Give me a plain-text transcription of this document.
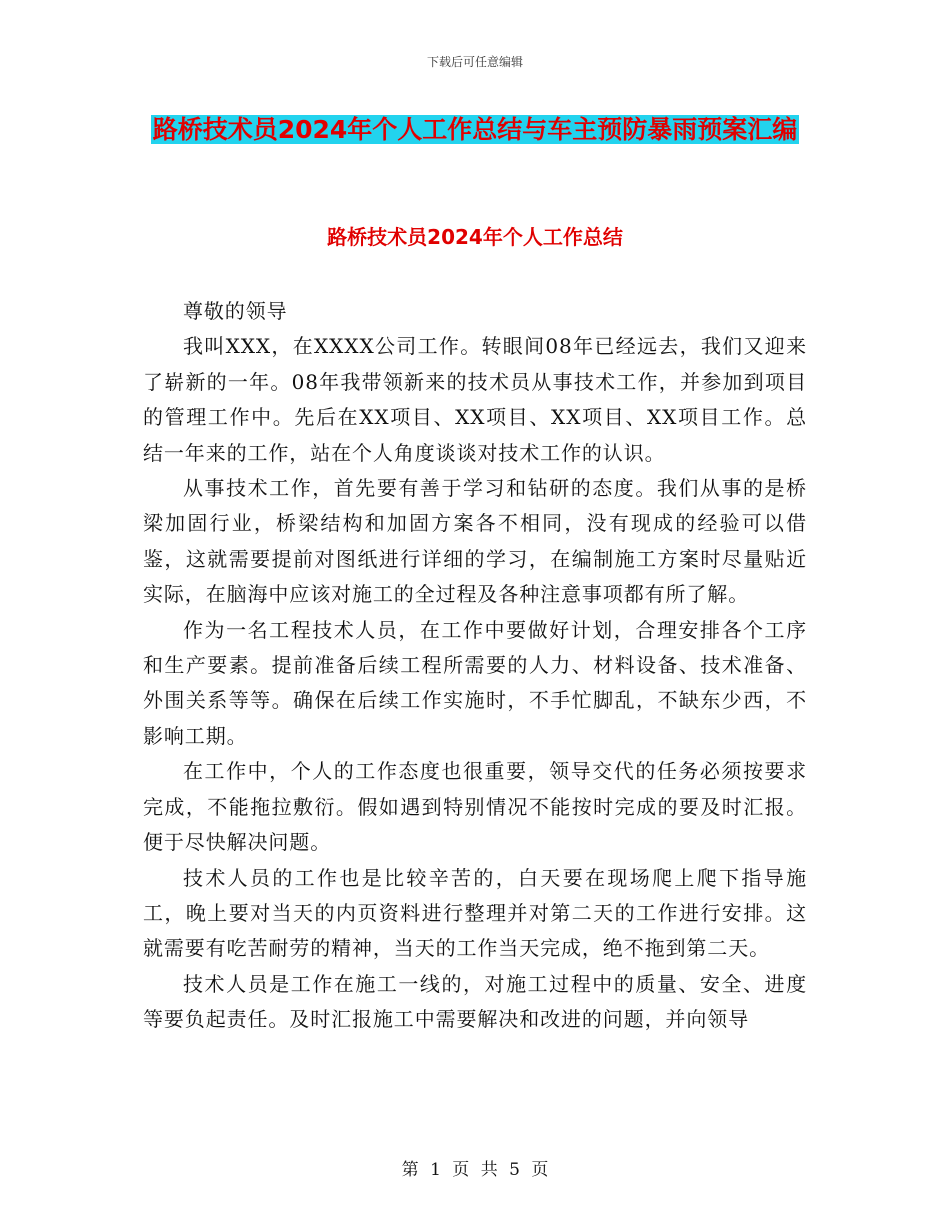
下载后可任意编辑
路桥技术员2024年个人工作总结与车主预防暴雨预案汇编
路桥技术员2024年个人工作总结

尊敬的领导

我叫XXX，在XXXX公司工作。转眼间08年已经远去，我们又迎来了崭新的一年。08年我带领新来的技术员从事技术工作，并参加到项目的管理工作中。先后在XX项目、XX项目、XX项目、XX项目工作。总结一年来的工作，站在个人角度谈谈对技术工作的认识。

从事技术工作，首先要有善于学习和钻研的态度。我们从事的是桥梁加固行业，桥梁结构和加固方案各不相同，没有现成的经验可以借鉴，这就需要提前对图纸进行详细的学习，在编制施工方案时尽量贴近实际，在脑海中应该对施工的全过程及各种注意事项都有所了解。

作为一名工程技术人员，在工作中要做好计划，合理安排各个工序和生产要素。提前准备后续工程所需要的人力、材料设备、技术准备、外围关系等等。确保在后续工作实施时，不手忙脚乱，不缺东少西，不影响工期。

在工作中，个人的工作态度也很重要，领导交代的任务必须按要求完成，不能拖拉敷衍。假如遇到特别情况不能按时完成的要及时汇报。便于尽快解决问题。

技术人员的工作也是比较辛苦的，白天要在现场爬上爬下指导施工，晚上要对当天的内页资料进行整理并对第二天的工作进行安排。这就需要有吃苦耐劳的精神，当天的工作当天完成，绝不拖到第二天。

技术人员是工作在施工一线的，对施工过程中的质量、安全、进度等要负起责任。及时汇报施工中需要解决和改进的问题，并向领导

第 1 页 共 5 页
